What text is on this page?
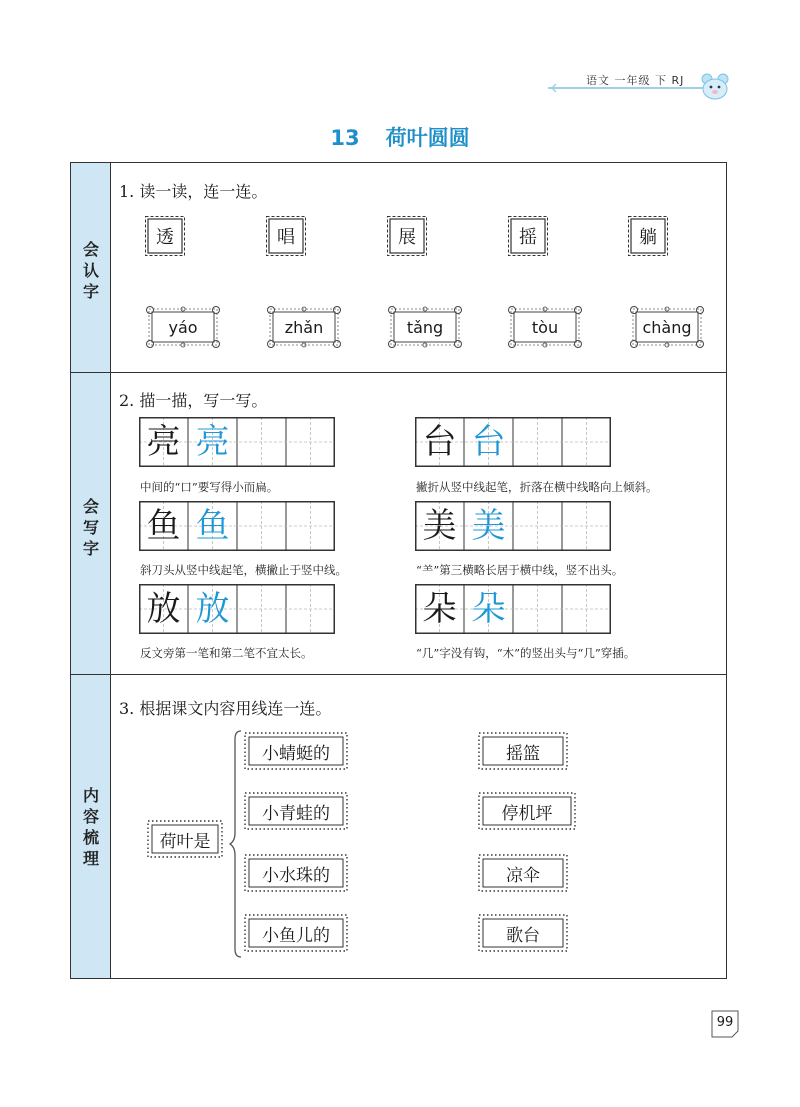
语文 一年级 下 RJ
13 荷叶圆圆
会
认
字
会
写
字
内
容
梳
理
1. 读一读，连一连。
透	唱	展	摇	躺
yáo	zhǎn	tǎng	tòu	chàng
2. 描一描，写一写。
亮 亮
中间的“口”要写得小而扁。
台 台
撇折从竖中线起笔，折落在横中线略向上倾斜。
鱼 鱼
斜刀头从竖中线起笔，横撇止于竖中线。
美 美
“⺷”第三横略长居于横中线，竖不出头。
放 放
反文旁第一笔和第二笔不宜太长。
朵 朵
“几”字没有钩，“木”的竖出头与“几”穿插。
3. 根据课文内容用线连一连。
荷叶是
小蜻蜓的
小青蛙的
小水珠的
小鱼儿的
摇篮
停机坪
凉伞
歌台
99
